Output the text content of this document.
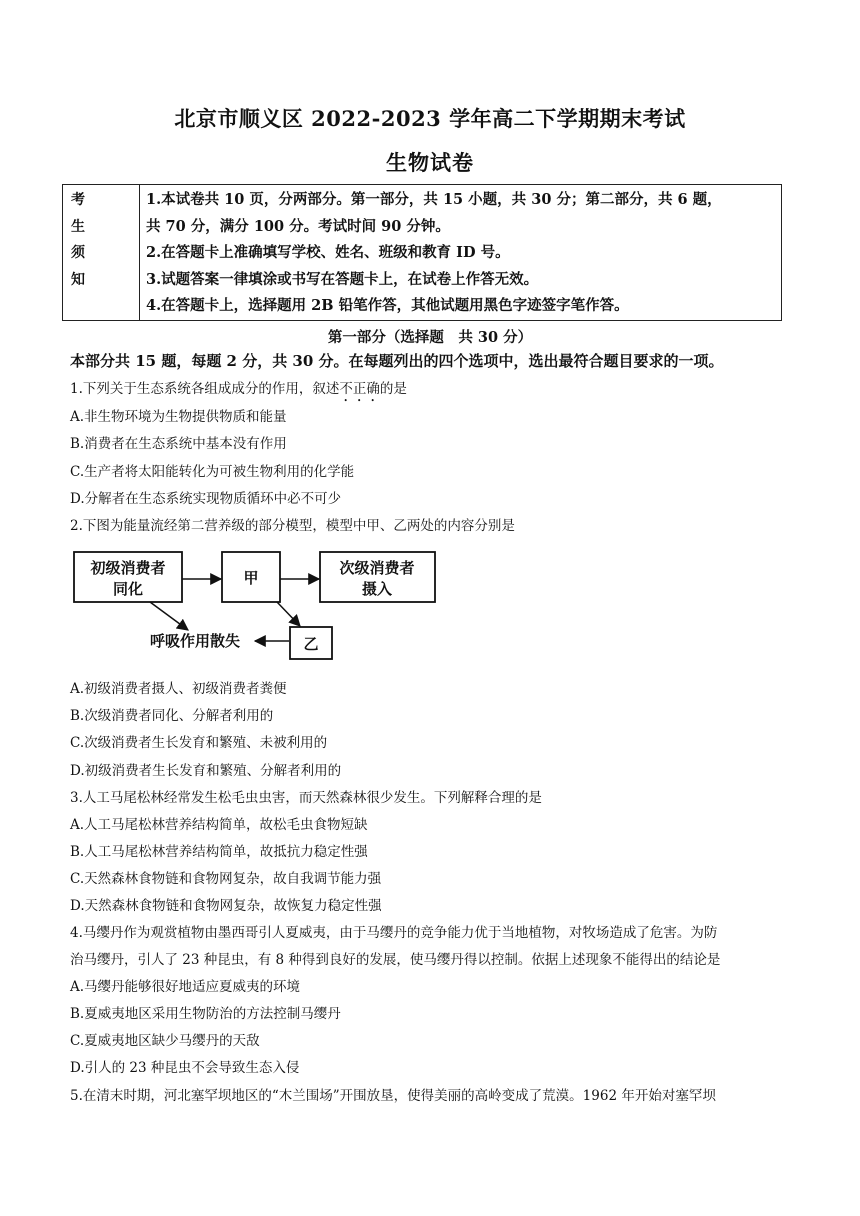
北京市顺义区 2022-2023 学年高二下学期期末考试
生物试卷
考
生
须
知

1.本试卷共 10 页，分两部分。第一部分，共 15 小题，共 30 分；第二部分，共 6 题，
共 70 分，满分 100 分。考试时间 90 分钟。
2.在答题卡上准确填写学校、姓名、班级和教育 ID 号。
3.试题答案一律填涂或书写在答题卡上，在试卷上作答无效。
4.在答题卡上，选择题用 2B 铅笔作答，其他试题用黑色字迹签字笔作答。
第一部分（选择题　共 30 分）
本部分共 15 题，每题 2 分，共 30 分。在每题列出的四个选项中，选出最符合题目要求的一项。
1.下列关于生态系统各组成成分的作用，叙述不正确的是
A.非生物环境为生物提供物质和能量
B.消费者在生态系统中基本没有作用
C.生产者将太阳能转化为可被生物利用的化学能
D.分解者在生态系统实现物质循环中必不可少
2.下图为能量流经第二营养级的部分模型，模型中甲、乙两处的内容分别是
初级消费者
同化
甲
次级消费者
摄入
乙
呼吸作用散失
A.初级消费者摄人、初级消费者粪便
B.次级消费者同化、分解者利用的
C.次级消费者生长发育和繁殖、未被利用的
D.初级消费者生长发育和繁殖、分解者利用的
3.人工马尾松林经常发生松毛虫虫害，而天然森林很少发生。下列解释合理的是
A.人工马尾松林营养结构简单，故松毛虫食物短缺
B.人工马尾松林营养结构简单，故抵抗力稳定性强
C.天然森林食物链和食物网复杂，故自我调节能力强
D.天然森林食物链和食物网复杂，故恢复力稳定性强
4.马缨丹作为观赏植物由墨西哥引人夏威夷，由于马缨丹的竞争能力优于当地植物，对牧场造成了危害。为防
治马缨丹，引人了 23 种昆虫，有 8 种得到良好的发展，使马缨丹得以控制。依据上述现象不能得出的结论是
A.马缨丹能够很好地适应夏威夷的环境
B.夏威夷地区采用生物防治的方法控制马缨丹
C.夏威夷地区缺少马缨丹的天敌
D.引人的 23 种昆虫不会导致生态入侵
5.在清末时期，河北塞罕坝地区的“木兰围场”开围放垦，使得美丽的高岭变成了荒漠。1962 年开始对塞罕坝
